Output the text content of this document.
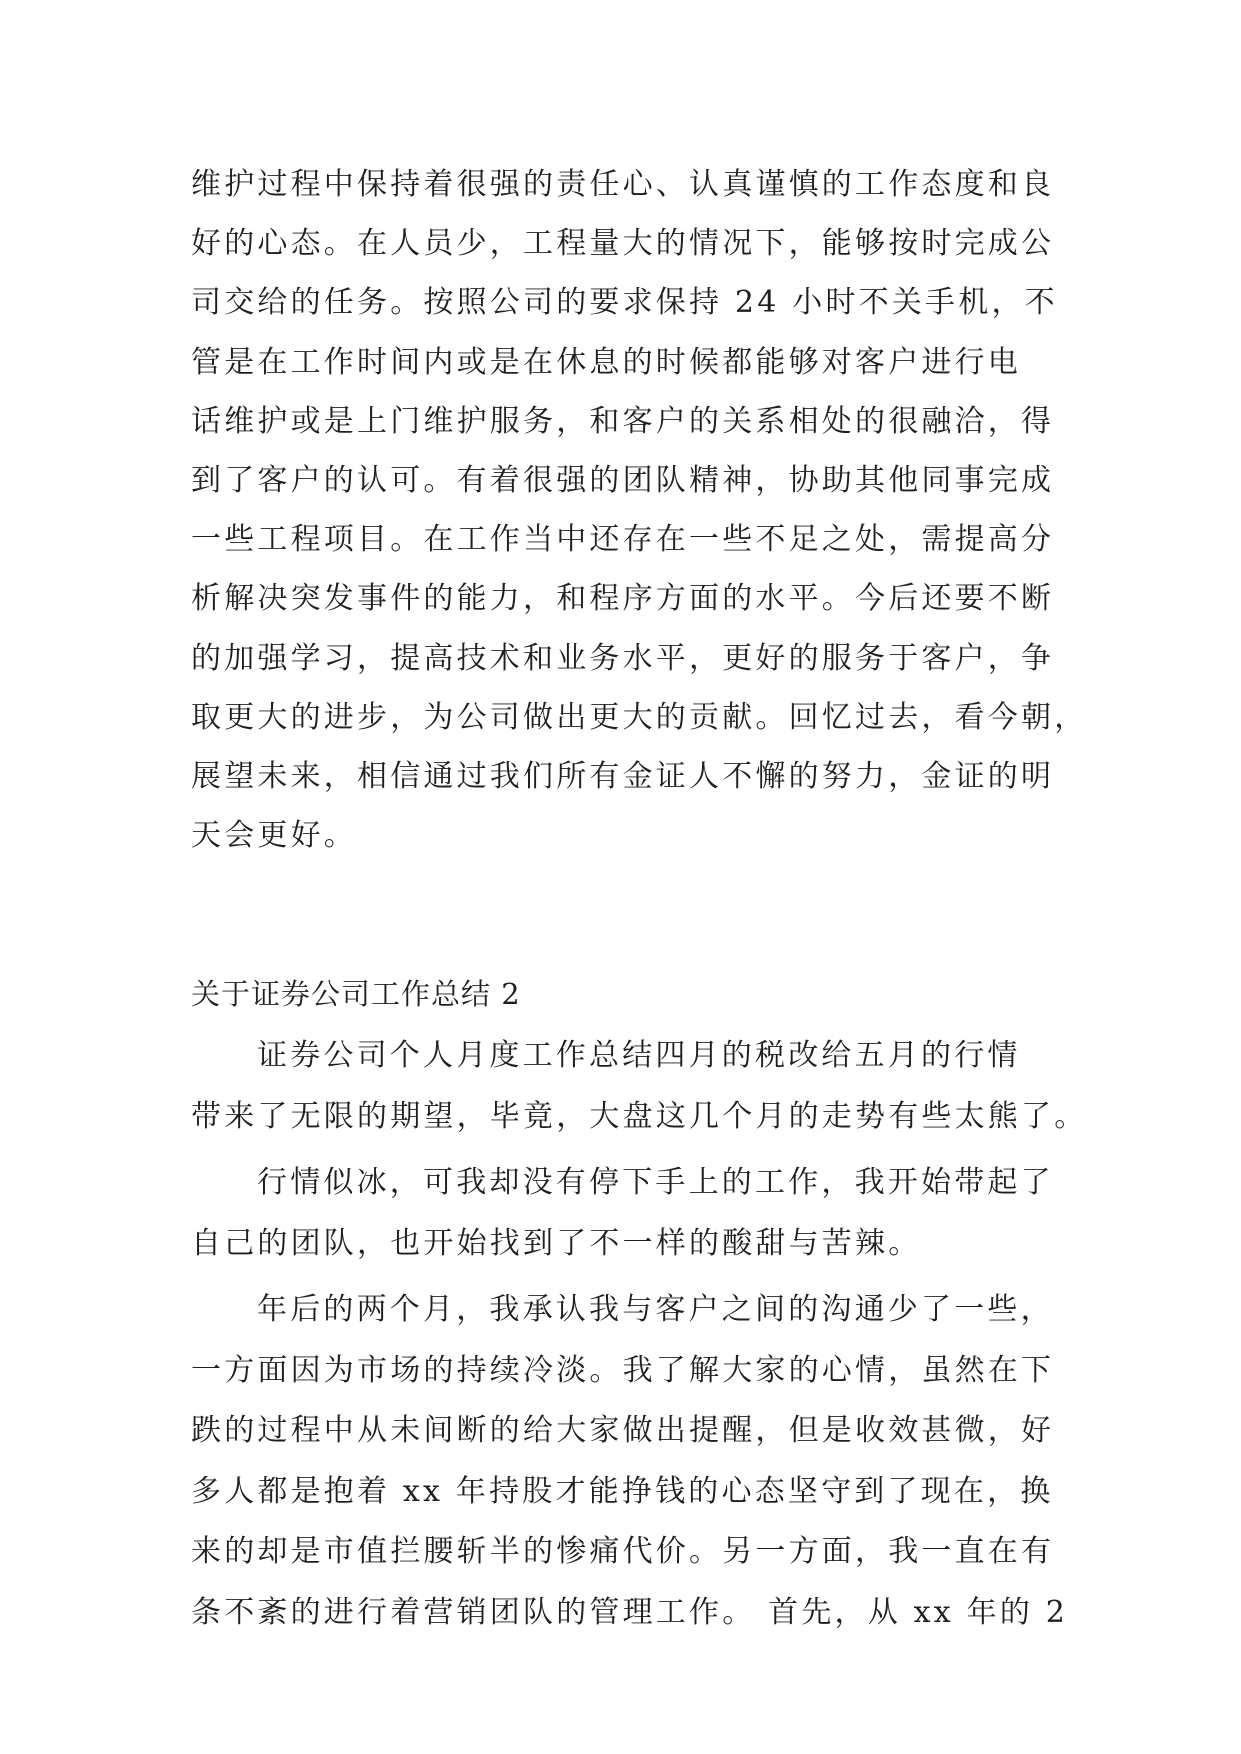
维护过程中保持着很强的责任心、认真谨慎的工作态度和良
好的心态。在人员少，工程量大的情况下，能够按时完成公
司交给的任务。按照公司的要求保持 24 小时不关手机，不
管是在工作时间内或是在休息的时候都能够对客户进行电
话维护或是上门维护服务，和客户的关系相处的很融洽，得
到了客户的认可。有着很强的团队精神，协助其他同事完成
一些工程项目。在工作当中还存在一些不足之处，需提高分
析解决突发事件的能力，和程序方面的水平。今后还要不断
的加强学习，提高技术和业务水平，更好的服务于客户，争
取更大的进步，为公司做出更大的贡献。回忆过去，看今朝，
展望未来，相信通过我们所有金证人不懈的努力，金证的明
天会更好。
关于证券公司工作总结 2
证券公司个人月度工作总结四月的税改给五月的行情
带来了无限的期望，毕竟，大盘这几个月的走势有些太熊了。
行情似冰，可我却没有停下手上的工作，我开始带起了
自己的团队，也开始找到了不一样的酸甜与苦辣。
年后的两个月，我承认我与客户之间的沟通少了一些，
一方面因为市场的持续冷淡。我了解大家的心情，虽然在下
跌的过程中从未间断的给大家做出提醒，但是收效甚微，好
多人都是抱着 xx 年持股才能挣钱的心态坚守到了现在，换
来的却是市值拦腰斩半的惨痛代价。另一方面，我一直在有
条不紊的进行着营销团队的管理工作。 首先，从 xx 年的 2
